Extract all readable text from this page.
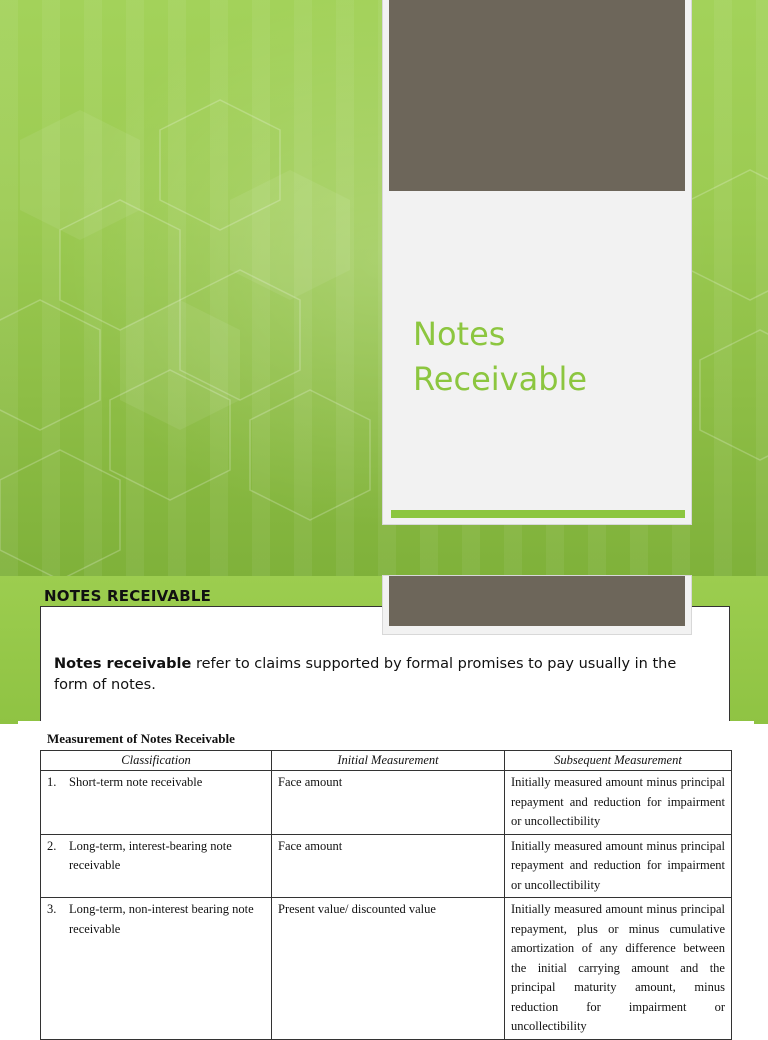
Notes
Receivable
NOTES RECEIVABLE

Notes receivable refer to claims supported by formal promises to pay usually in the form of notes.

Measurement of Notes Receivable
Classification	Initial Measurement	Subsequent Measurement

1. Short-term note receivable	Face amount	Initially measured amount minus principal repayment and reduction for impairment or uncollectibility

2. Long-term, interest-bearing note receivable	Face amount	Initially measured amount minus principal repayment and reduction for impairment or uncollectibility

3. Long-term, non-interest bearing note receivable	Present value/ discounted value	Initially measured amount minus principal repayment, plus or minus cumulative amortization of any difference between the initial carrying amount and the principal maturity amount, minus reduction for impairment or uncollectibility
